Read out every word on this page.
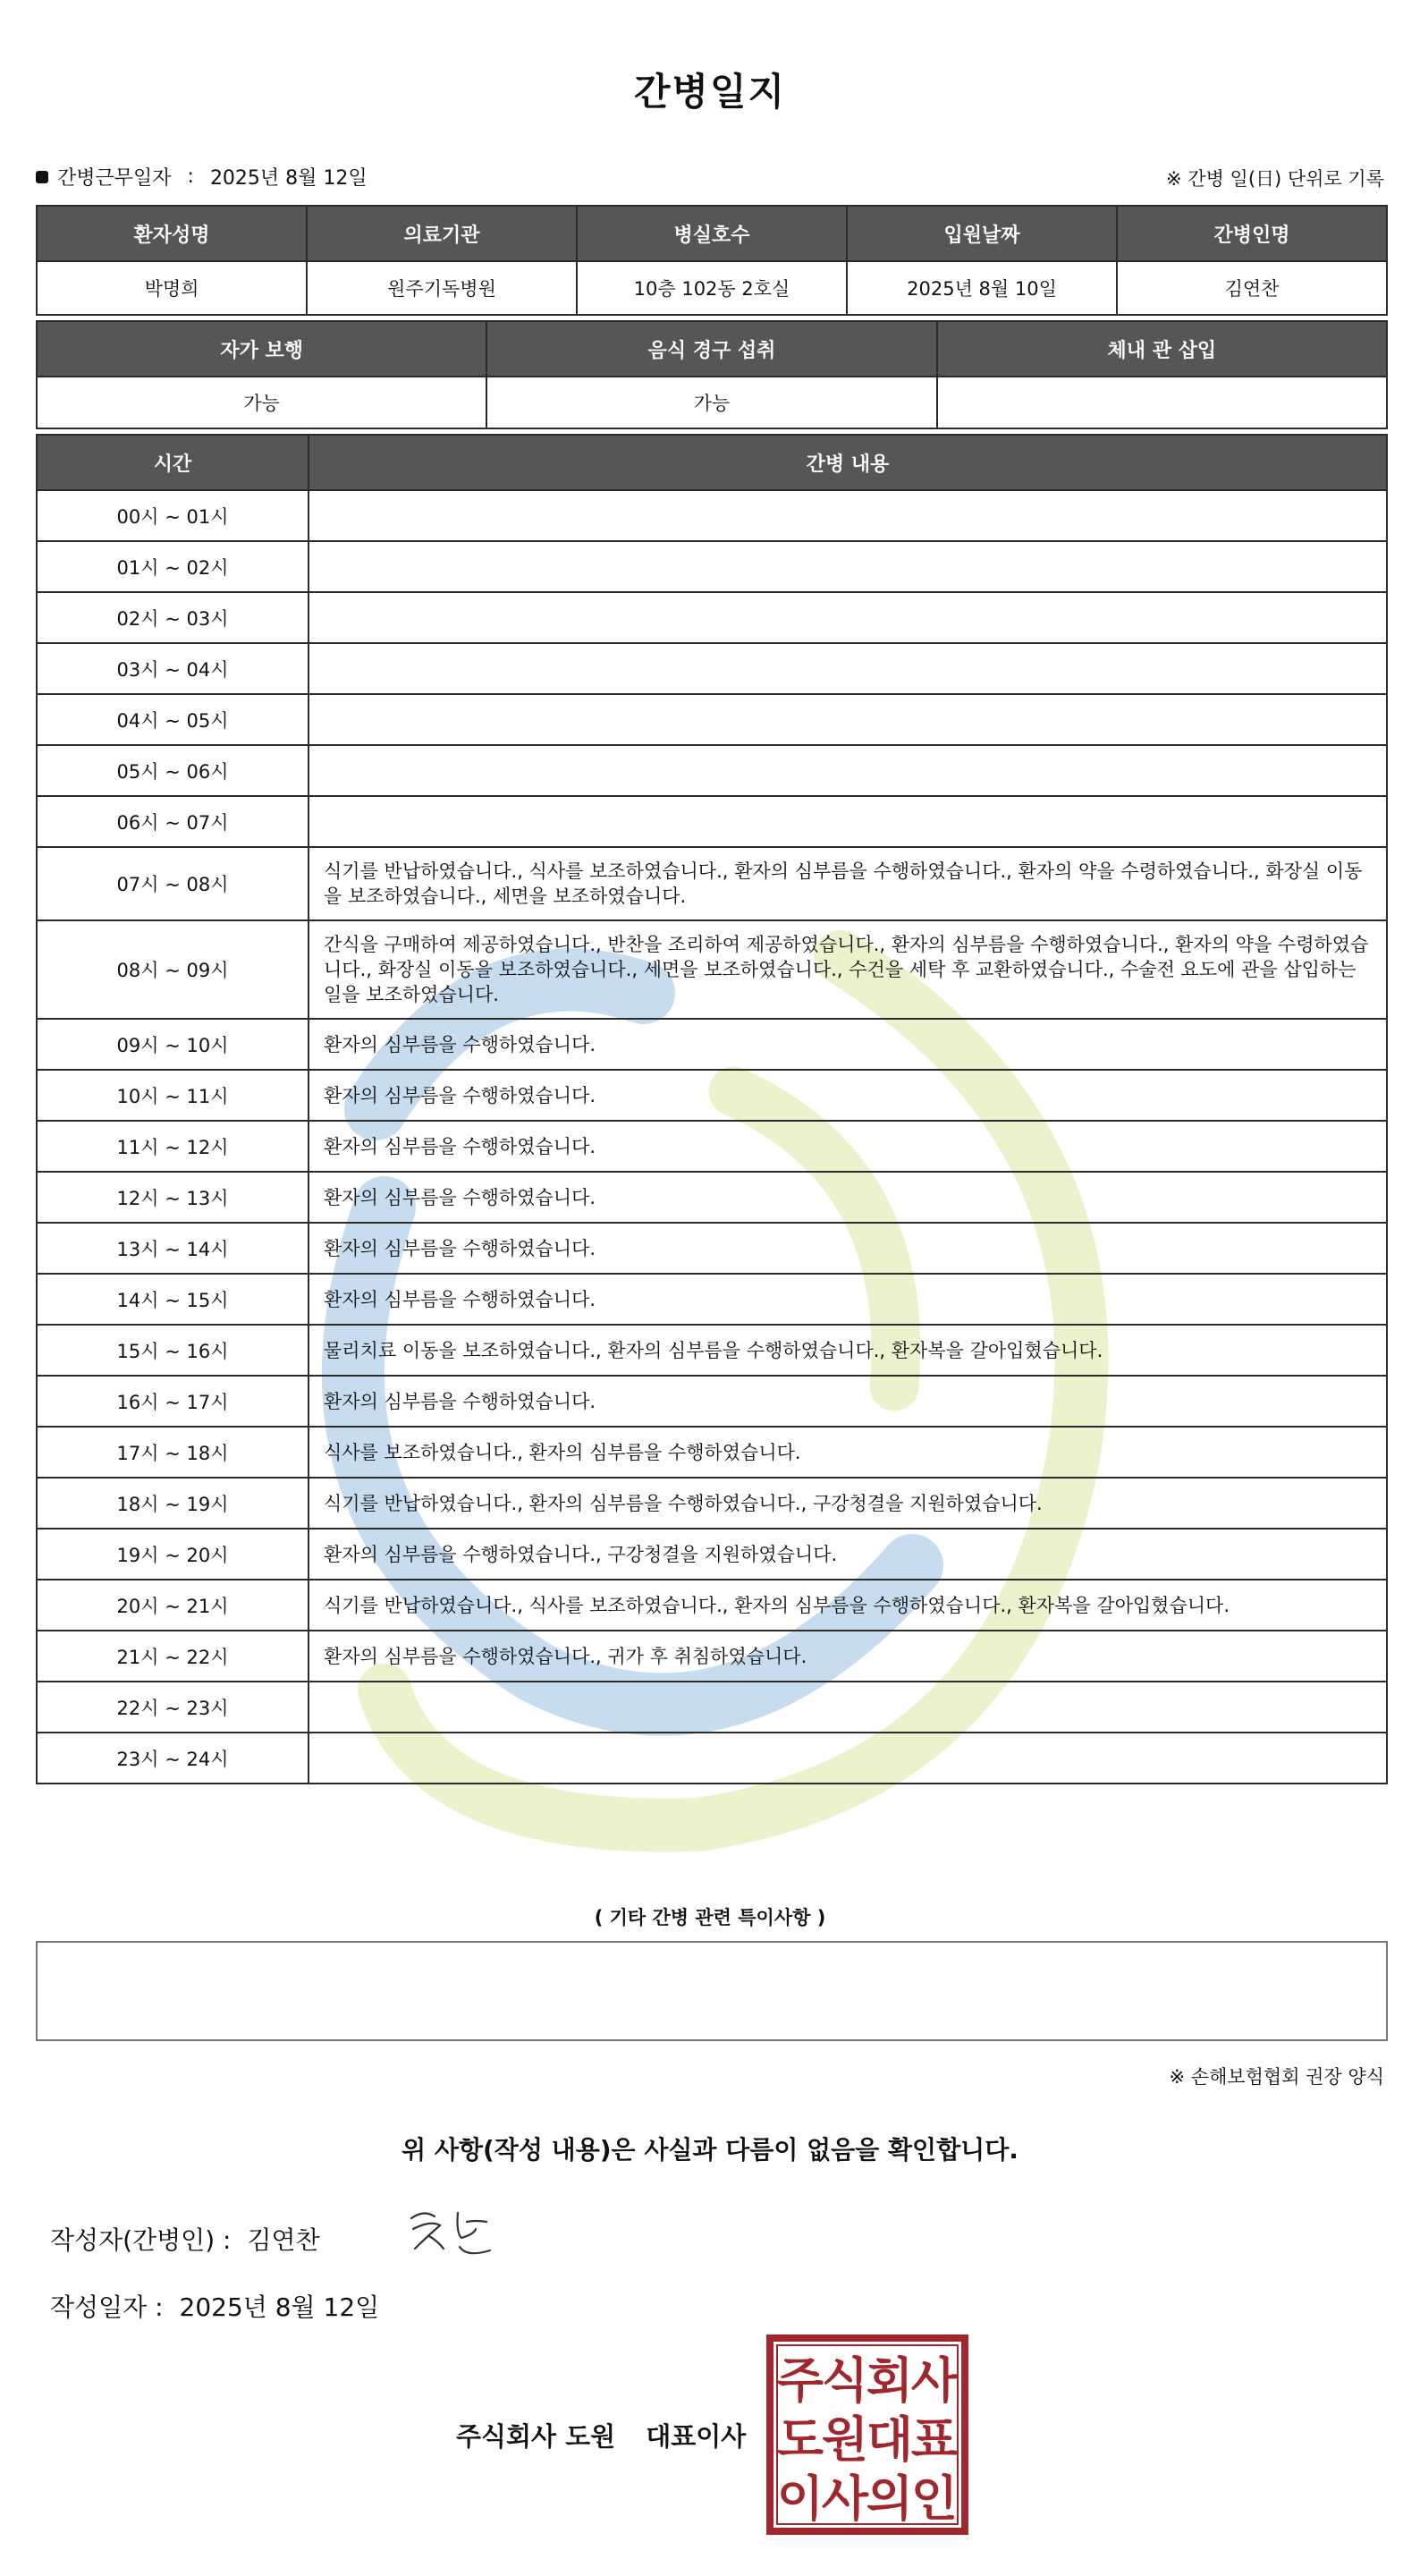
간병일지
간병근무일자 : 2025년 8월 12일	※ 간병 일(日) 단위로 기록
환자성명	의료기관	병실호수	입원날짜	간병인명
박명희	원주기독병원	10층 102동 2호실	2025년 8월 10일	김연찬
자가 보행	음식 경구 섭취	체내 관 삽입
가능	가능	
시간	간병 내용
00시 ~ 01시	
01시 ~ 02시	
02시 ~ 03시	
03시 ~ 04시	
04시 ~ 05시	
05시 ~ 06시	
06시 ~ 07시	
07시 ~ 08시	식기를 반납하였습니다., 식사를 보조하였습니다., 환자의 심부름을 수행하였습니다., 환자의 약을 수령하였습니다., 화장실 이동을 보조하였습니다., 세면을 보조하였습니다.
08시 ~ 09시	간식을 구매하여 제공하였습니다., 반찬을 조리하여 제공하였습니다., 환자의 심부름을 수행하였습니다., 환자의 약을 수령하였습니다., 화장실 이동을 보조하였습니다., 세면을 보조하였습니다., 수건을 세탁 후 교환하였습니다., 수술전 요도에 관을 삽입하는 일을 보조하였습니다.
09시 ~ 10시	환자의 심부름을 수행하였습니다.
10시 ~ 11시	환자의 심부름을 수행하였습니다.
11시 ~ 12시	환자의 심부름을 수행하였습니다.
12시 ~ 13시	환자의 심부름을 수행하였습니다.
13시 ~ 14시	환자의 심부름을 수행하였습니다.
14시 ~ 15시	환자의 심부름을 수행하였습니다.
15시 ~ 16시	물리치료 이동을 보조하였습니다., 환자의 심부름을 수행하였습니다., 환자복을 갈아입혔습니다.
16시 ~ 17시	환자의 심부름을 수행하였습니다.
17시 ~ 18시	식사를 보조하였습니다., 환자의 심부름을 수행하였습니다.
18시 ~ 19시	식기를 반납하였습니다., 환자의 심부름을 수행하였습니다., 구강청결을 지원하였습니다.
19시 ~ 20시	환자의 심부름을 수행하였습니다., 구강청결을 지원하였습니다.
20시 ~ 21시	식기를 반납하였습니다., 식사를 보조하였습니다., 환자의 심부름을 수행하였습니다., 환자복을 갈아입혔습니다.
21시 ~ 22시	환자의 심부름을 수행하였습니다., 귀가 후 취침하였습니다.
22시 ~ 23시	
23시 ~ 24시	
( 기타 간병 관련 특이사항 )
※ 손해보험협회 권장 양식
위 사항(작성 내용)은 사실과 다름이 없음을 확인합니다.
작성자(간병인) : 김연찬
작성일자 : 2025년 8월 12일
주식회사 도원 대표이사
주
식
회
사
도
원
대
표
이
사
의
인
